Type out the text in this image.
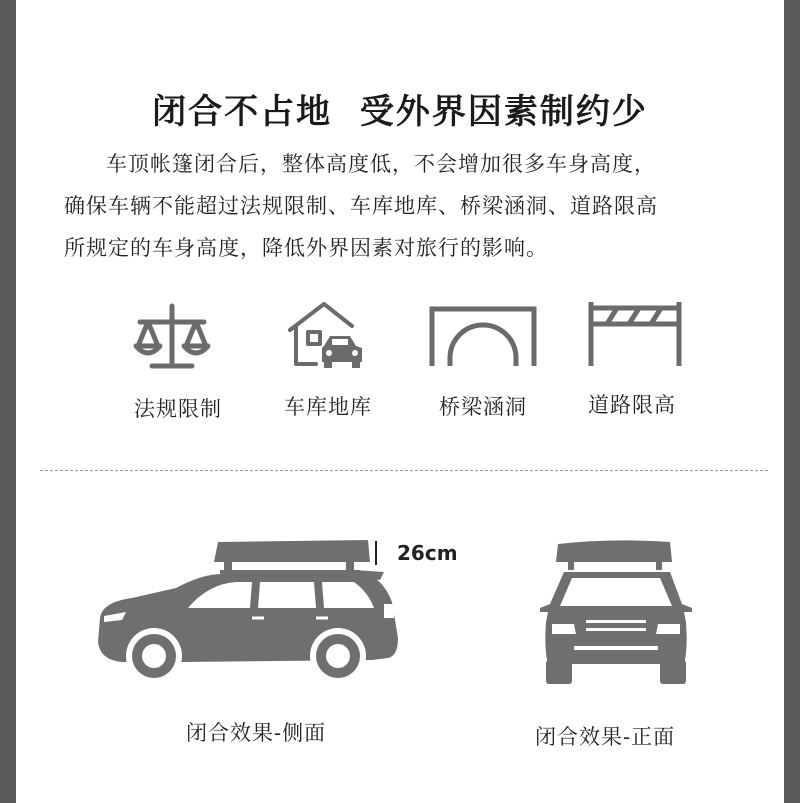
闭合不占地  受外界因素制约少
车顶帐篷闭合后，整体高度低，不会增加很多车身高度，
确保车辆不能超过法规限制、车库地库、桥梁涵洞、道路限高
所规定的车身高度，降低外界因素对旅行的影响。
法规限制	车库地库	桥梁涵洞	道路限高
26cm
闭合效果-侧面	闭合效果-正面
